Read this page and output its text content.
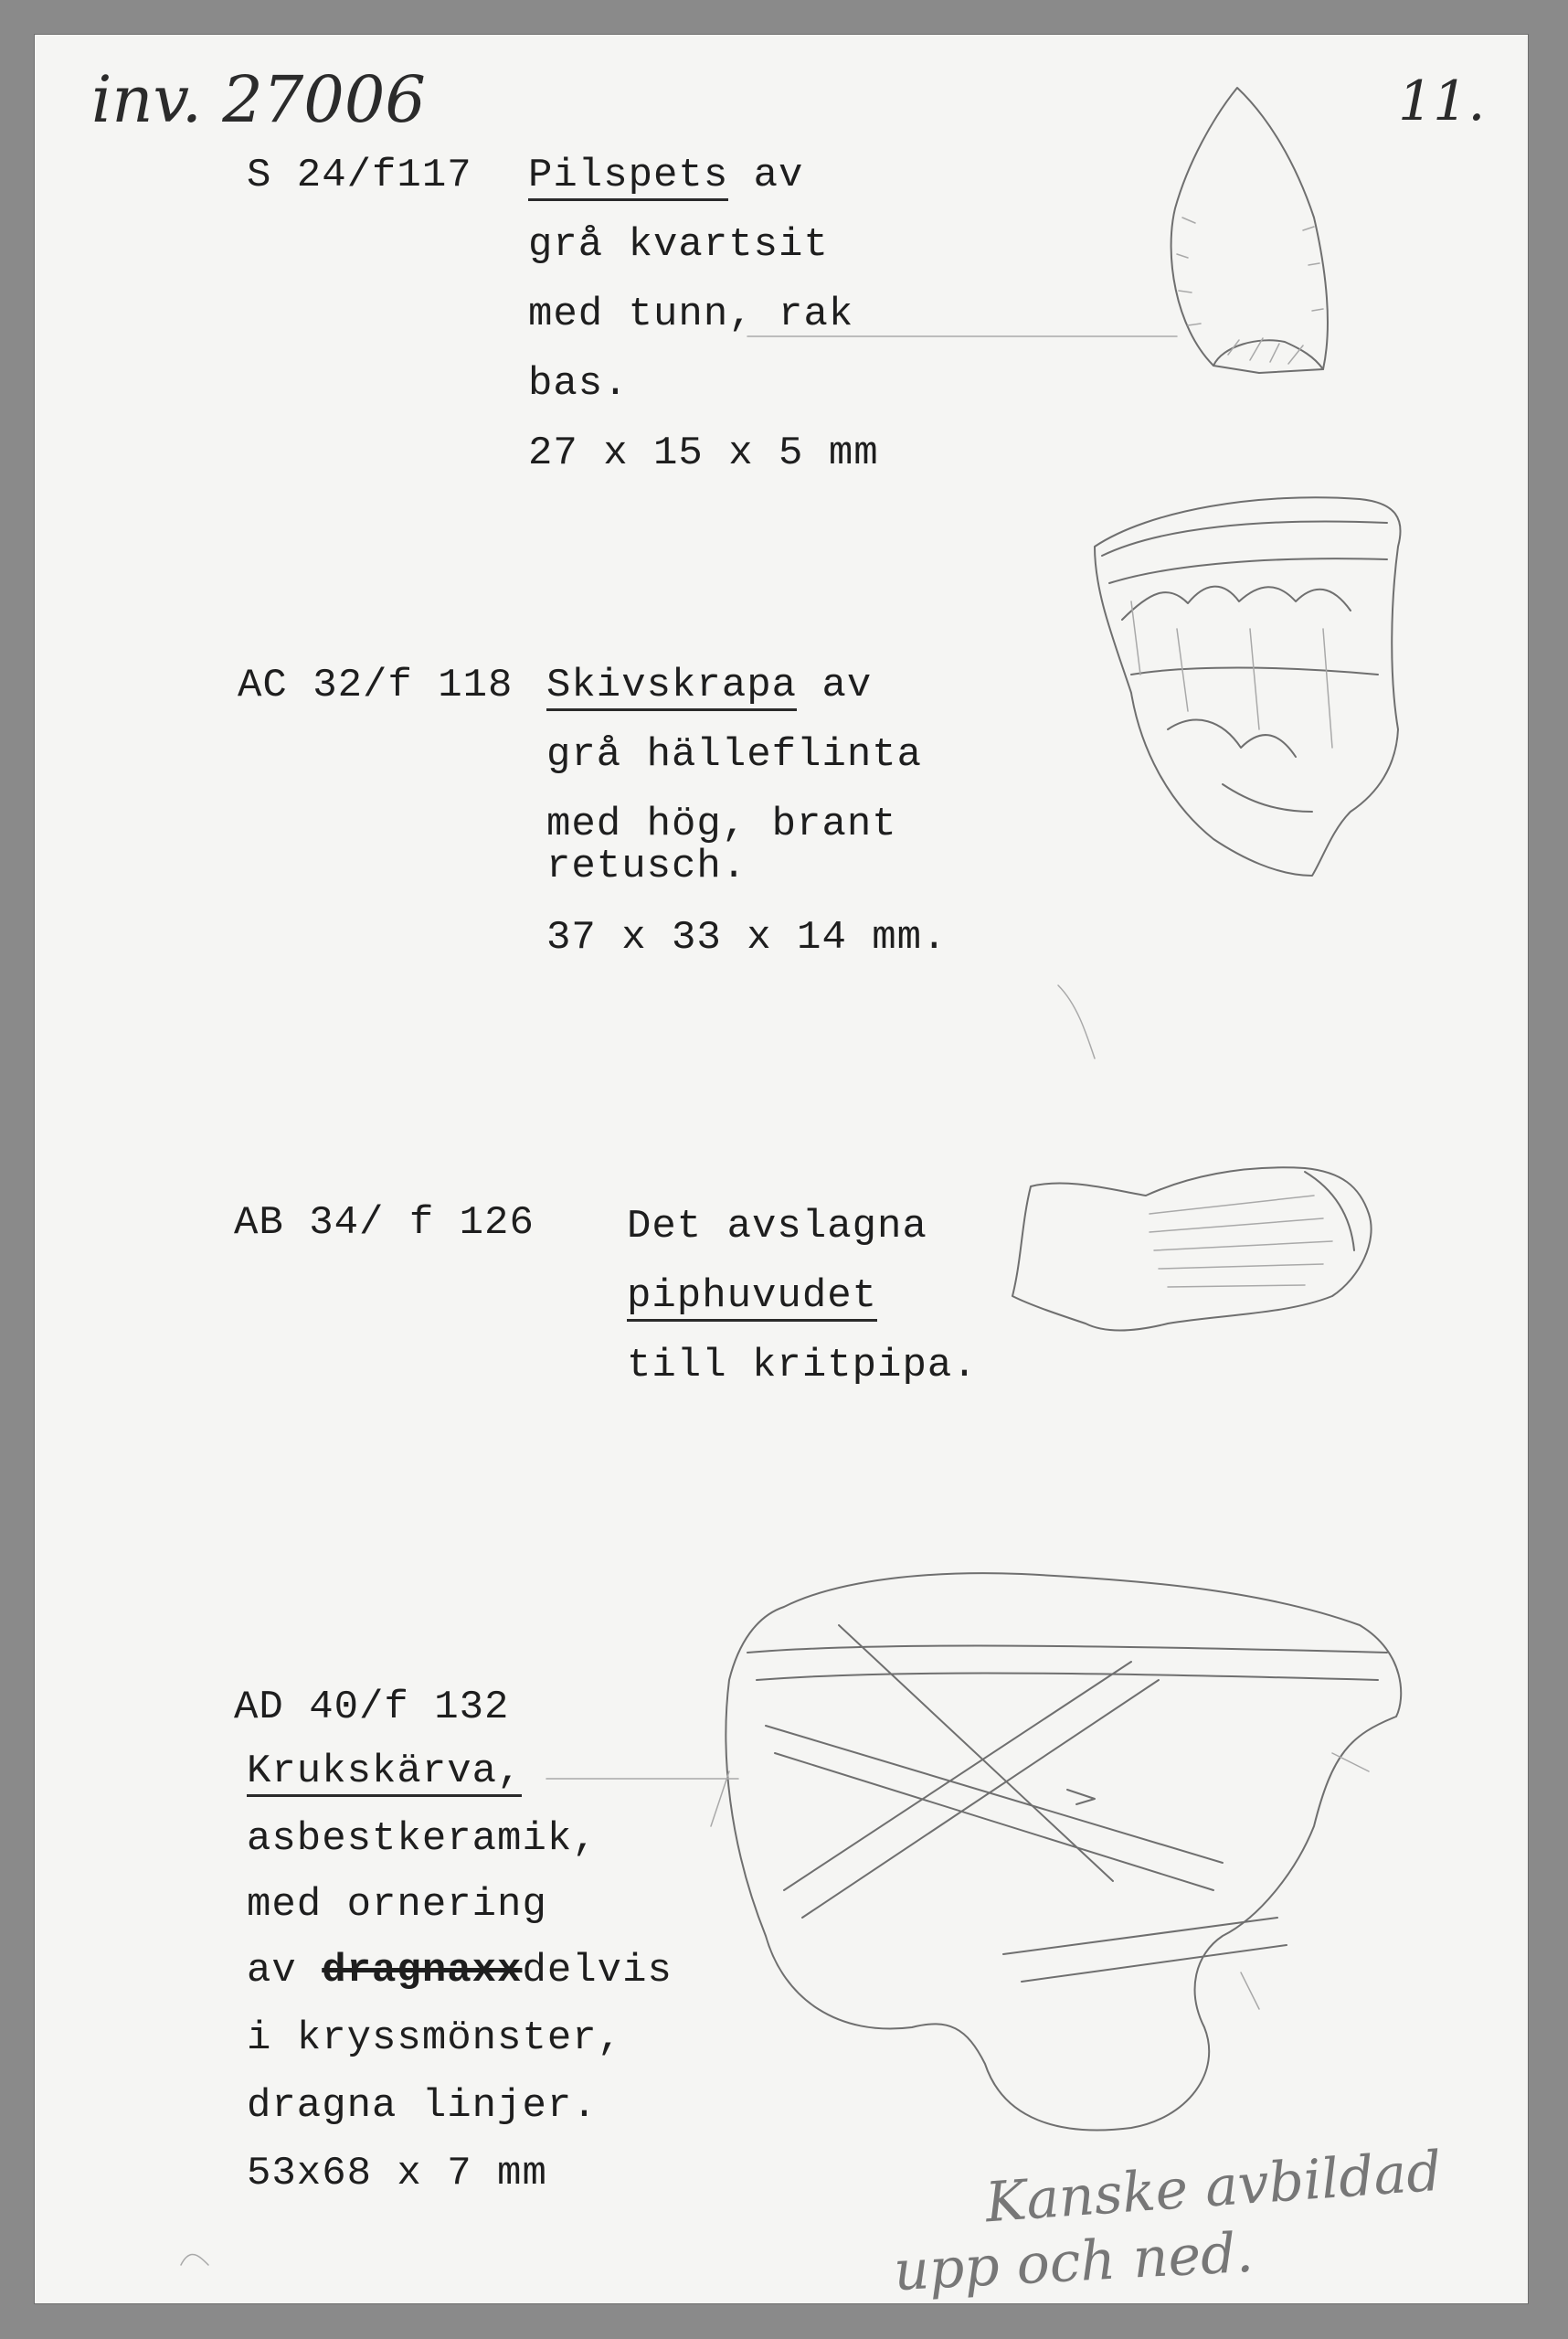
inv. 27006	11.
S 24/f117 Pilspets av
grå kvartsit
med tunn, rak
bas.
27 x 15 x 5 mm
AC 32/f 118 Skivskrapa av
grå hälleflinta
med hög, brant
retusch.
37 x 33 x 14 mm.
AB 34/ f 126 Det avslagna
piphuvudet
till kritpipa.
AD 40/f 132
Krukskärva,
asbestkeramik,
med ornering
av dragnaxxdelvis
i kryssmönster,
dragna linjer.
53x68 x 7 mm	Kanske avbildad
upp och ned.
